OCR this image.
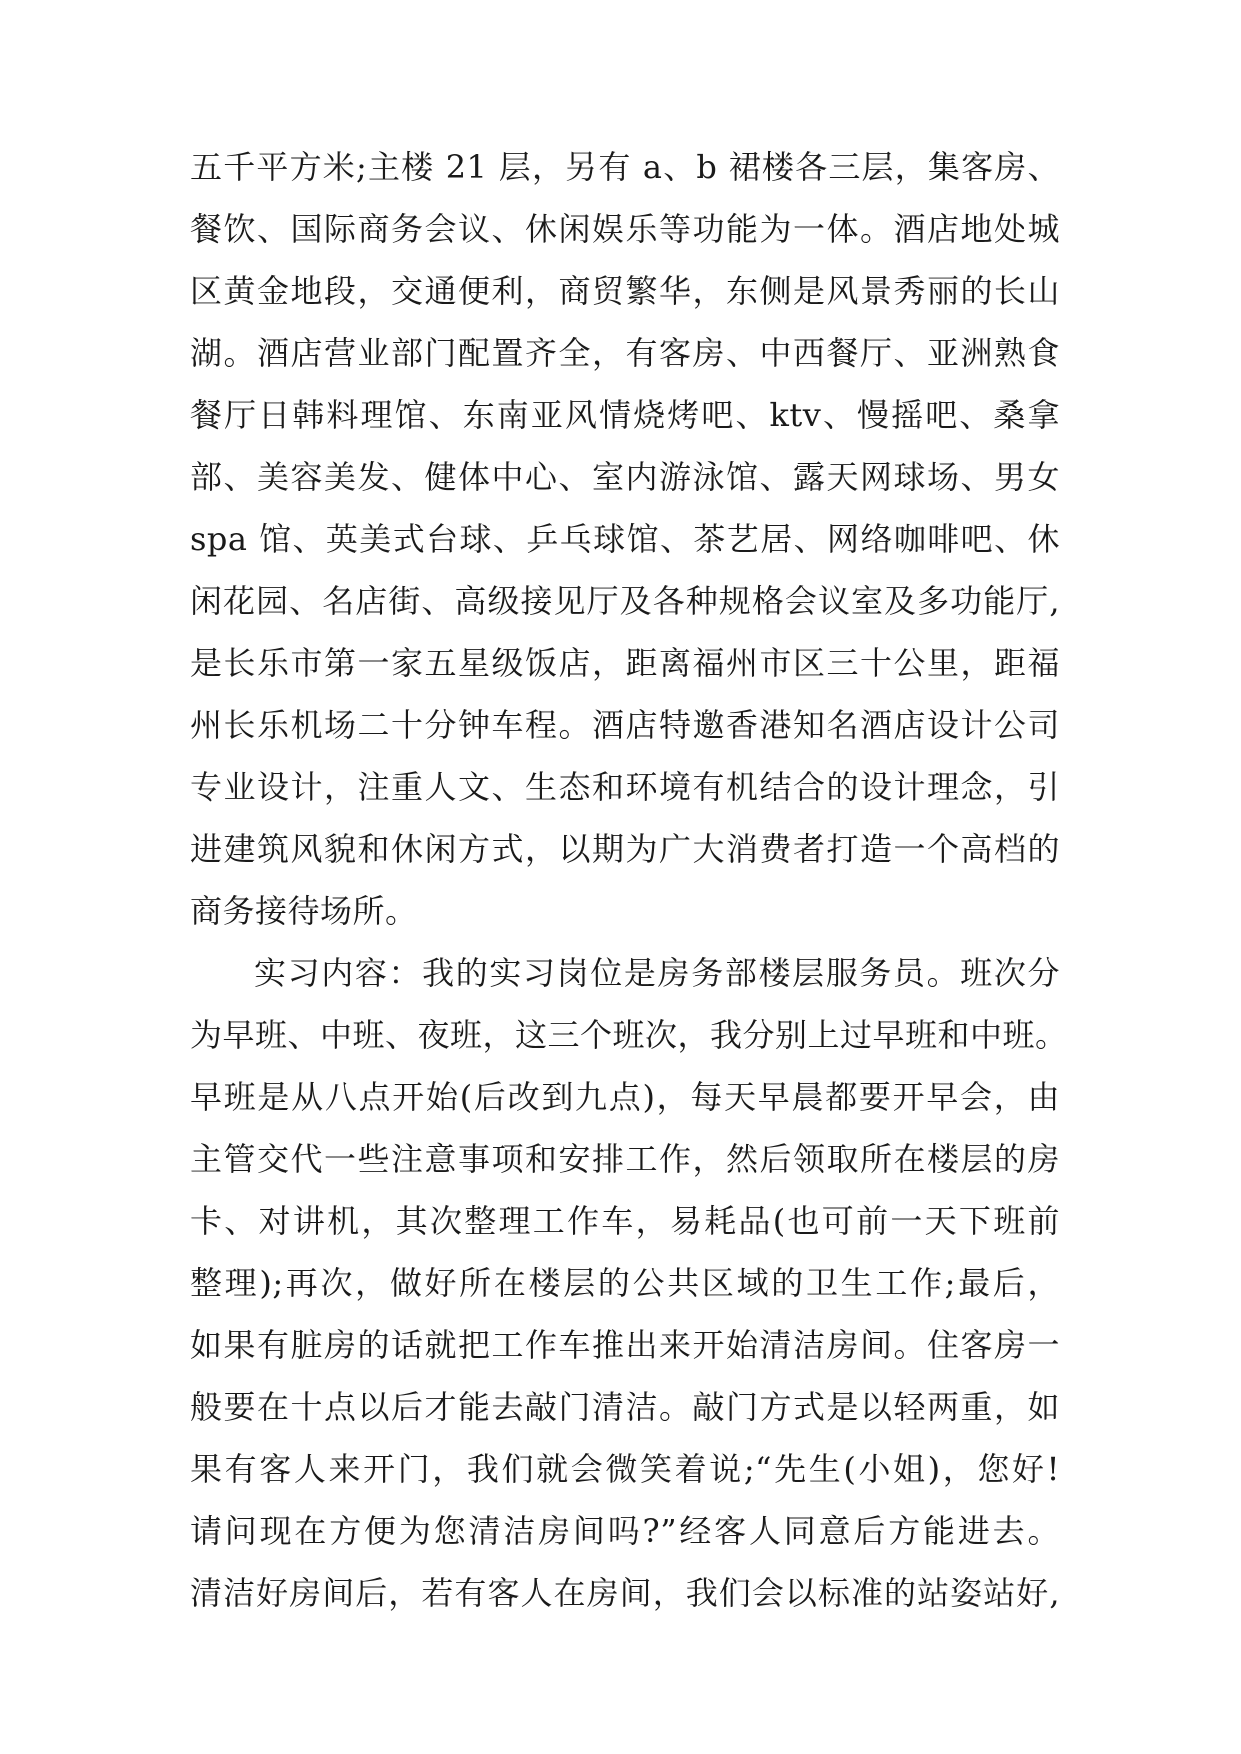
五千平方米;主楼 21 层，另有 a、b 裙楼各三层，集客房、
餐饮、国际商务会议、休闲娱乐等功能为一体。酒店地处城
区黄金地段，交通便利，商贸繁华，东侧是风景秀丽的长山
湖。酒店营业部门配置齐全，有客房、中西餐厅、亚洲熟食
餐厅日韩料理馆、东南亚风情烧烤吧、ktv、慢摇吧、桑拿
部、美容美发、健体中心、室内游泳馆、露天网球场、男女
spa 馆、英美式台球、乒乓球馆、茶艺居、网络咖啡吧、休
闲花园、名店街、高级接见厅及各种规格会议室及多功能厅,
是长乐市第一家五星级饭店，距离福州市区三十公里，距福
州长乐机场二十分钟车程。酒店特邀香港知名酒店设计公司
专业设计，注重人文、生态和环境有机结合的设计理念，引
进建筑风貌和休闲方式，以期为广大消费者打造一个高档的
商务接待场所。
实习内容：我的实习岗位是房务部楼层服务员。班次分
为早班、中班、夜班，这三个班次，我分别上过早班和中班。
早班是从八点开始(后改到九点)，每天早晨都要开早会，由
主管交代一些注意事项和安排工作，然后领取所在楼层的房
卡、对讲机，其次整理工作车，易耗品(也可前一天下班前
整理);再次，做好所在楼层的公共区域的卫生工作;最后，
如果有脏房的话就把工作车推出来开始清洁房间。住客房一
般要在十点以后才能去敲门清洁。敲门方式是以轻两重，如
果有客人来开门，我们就会微笑着说;“先生(小姐)，您好!
请问现在方便为您清洁房间吗?”经客人同意后方能进去。
清洁好房间后，若有客人在房间，我们会以标准的站姿站好,
